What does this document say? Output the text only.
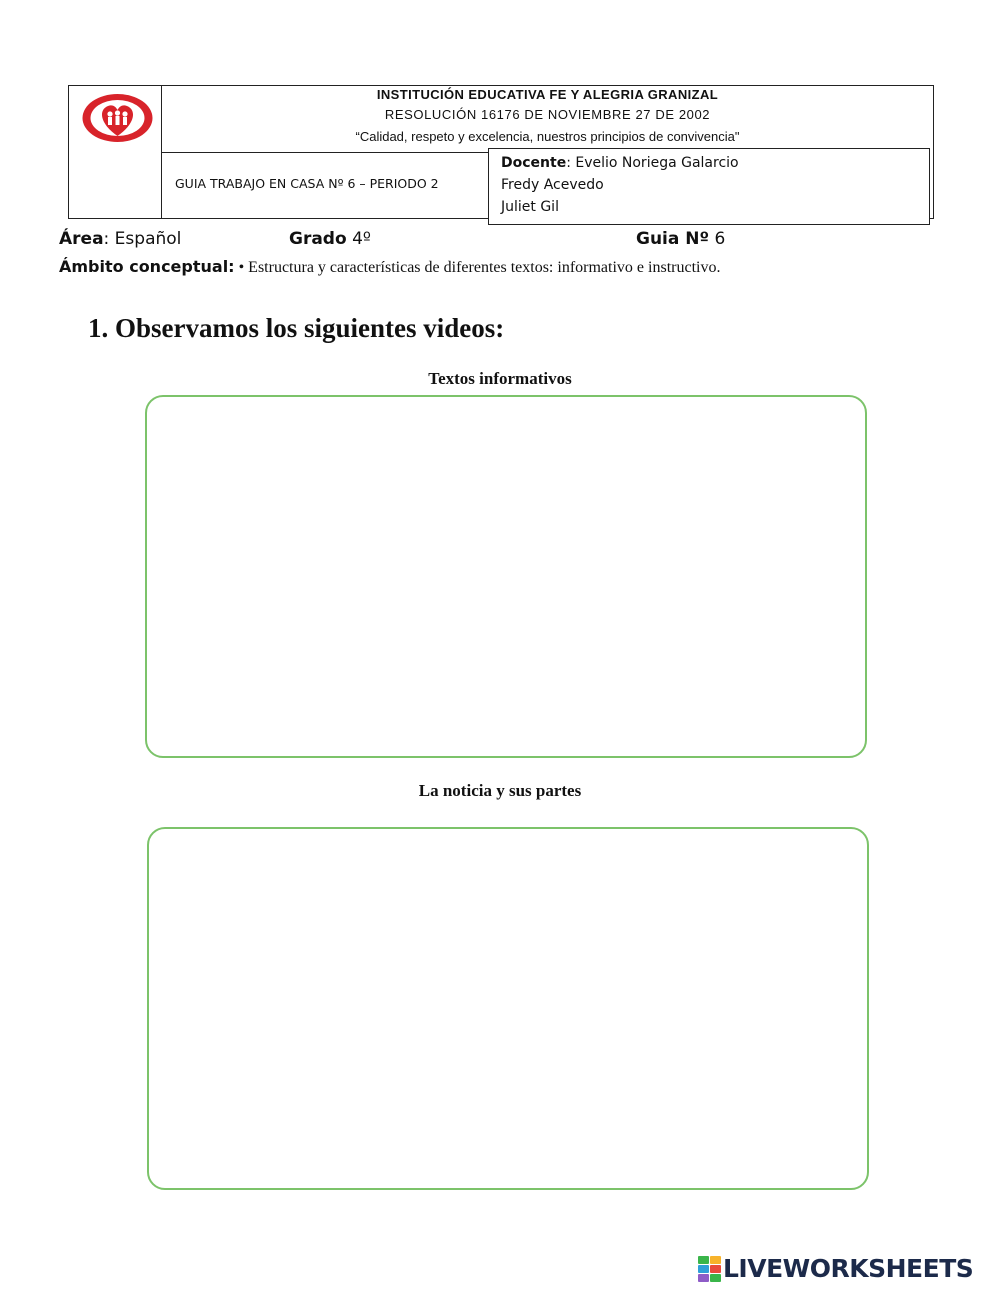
INSTITUCIÓN EDUCATIVA FE Y ALEGRIA GRANIZAL
RESOLUCIÓN 16176 DE NOVIEMBRE 27 DE 2002
“Calidad, respeto y excelencia, nuestros principios de convivencia"
GUIA TRABAJO EN CASA Nº 6 – PERIODO 2
Docente: Evelio Noriega Galarcio
Fredy Acevedo
Juliet Gil
Área: Español	Grado 4º	Guia Nº 6
Ámbito conceptual: • Estructura y características de diferentes textos: informativo e instructivo.
1. Observamos los siguientes videos:
Textos informativos
La noticia y sus partes
LIVEWORKSHEETS
